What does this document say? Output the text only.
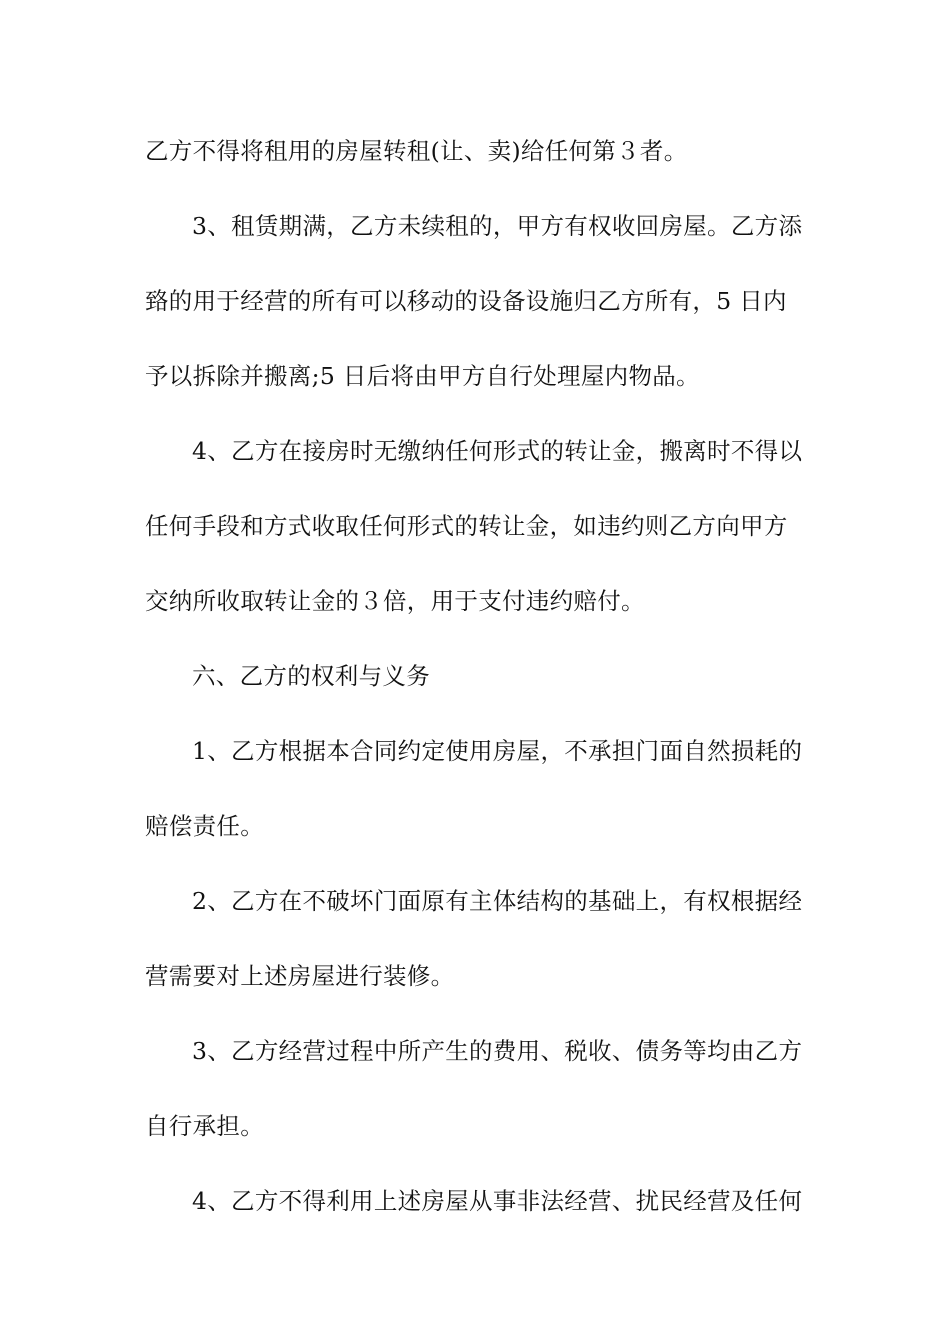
乙方不得将租用的房屋转租(让、卖)给任何第３者。
3、租赁期满，乙方未续租的，甲方有权收回房屋。乙方添
臵的用于经营的所有可以移动的设备设施归乙方所有，5 日内
予以拆除并搬离;5 日后将由甲方自行处理屋内物品。
4、乙方在接房时无缴纳任何形式的转让金，搬离时不得以
任何手段和方式收取任何形式的转让金，如违约则乙方向甲方
交纳所收取转让金的３倍，用于支付违约赔付。
六、乙方的权利与义务
1、乙方根据本合同约定使用房屋，不承担门面自然损耗的
赔偿责任。
2、乙方在不破坏门面原有主体结构的基础上，有权根据经
营需要对上述房屋进行装修。
3、乙方经营过程中所产生的费用、税收、债务等均由乙方
自行承担。
4、乙方不得利用上述房屋从事非法经营、扰民经营及任何
